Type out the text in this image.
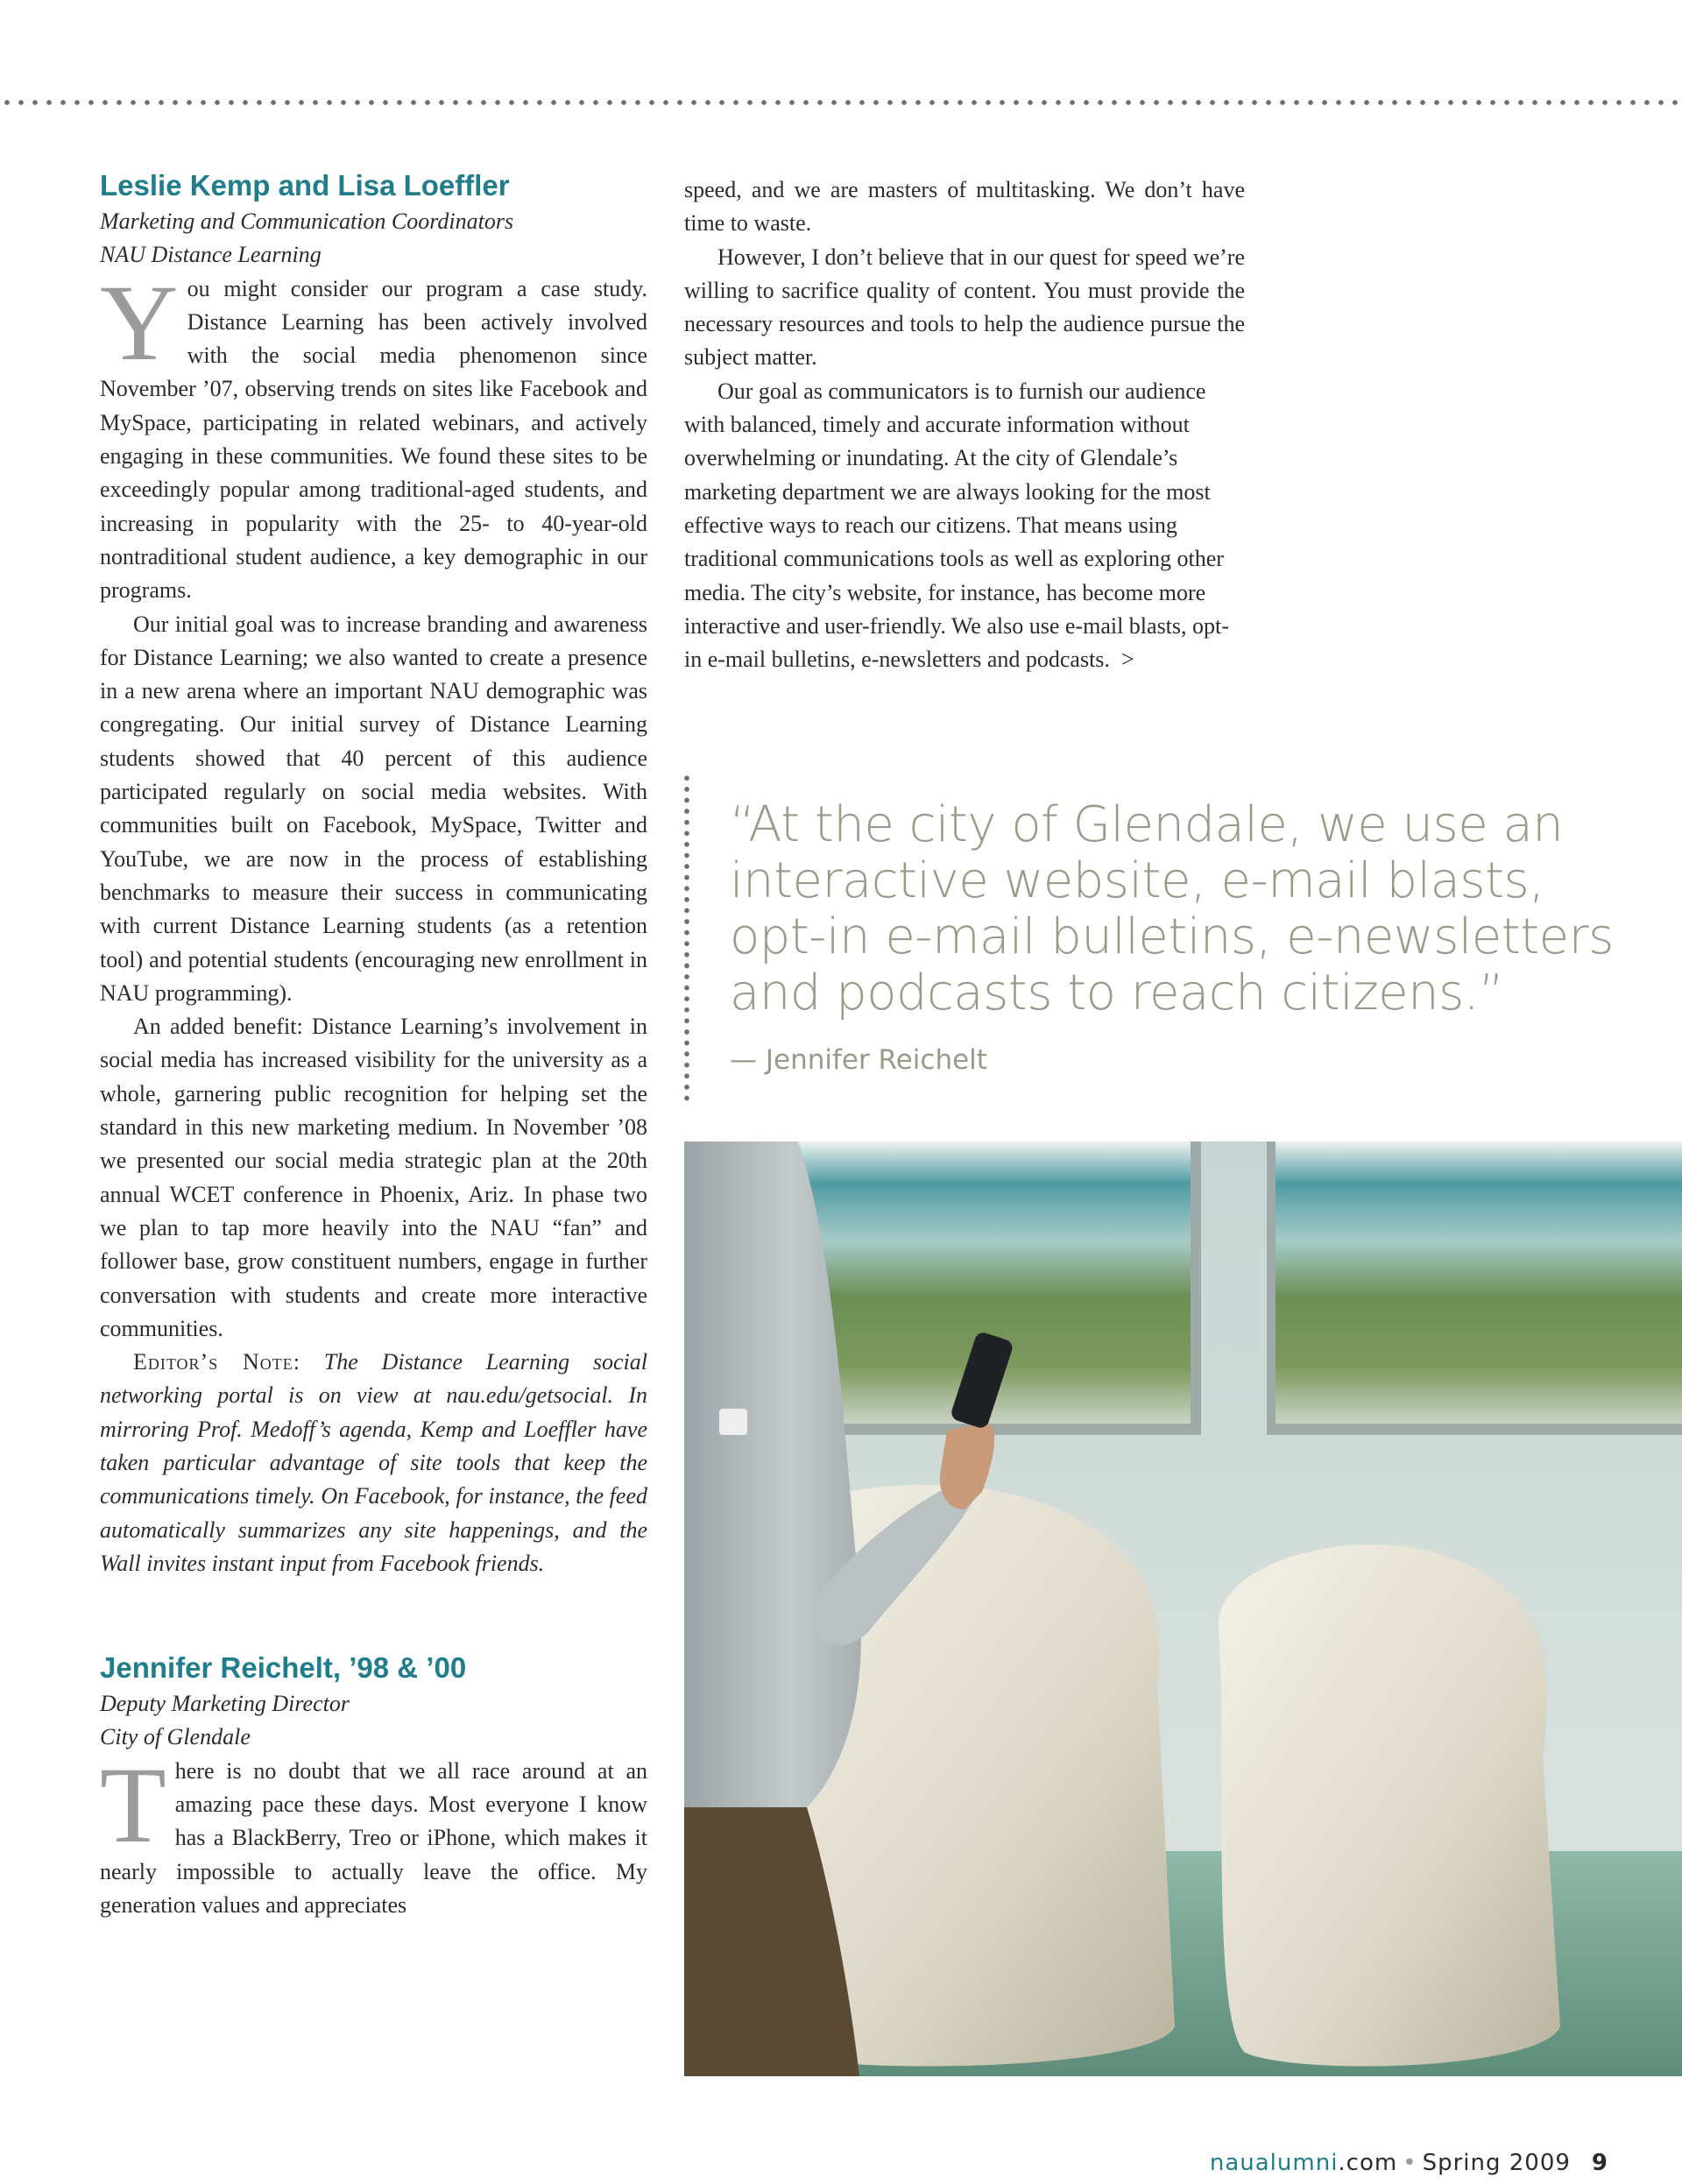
Leslie Kemp and Lisa Loeffler

Marketing and Communication Coordinators

NAU Distance Learning

You might consider our program a case study. Distance Learning has been actively involved with the social media phenomenon since November ’07, observing trends on sites like Facebook and MySpace, participating in related webinars, and actively engaging in these communities. We found these sites to be exceedingly popular among traditional-aged students, and increasing in popularity with the 25- to 40-year-old nontraditional student audience, a key demographic in our programs.

Our initial goal was to increase branding and awareness for Distance Learning; we also wanted to create a presence in a new arena where an important NAU demographic was congregating. Our initial survey of Distance Learning students showed that 40 percent of this audience participated regularly on social media websites. With communities built on Facebook, MySpace, Twitter and YouTube, we are now in the process of establishing benchmarks to measure their success in communicating with current Distance Learning students (as a retention tool) and potential students (encouraging new enrollment in NAU programming).

An added benefit: Distance Learning’s involvement in social media has increased visibility for the university as a whole, garnering public recognition for helping set the standard in this new marketing medium. In November ’08 we presented our social media strategic plan at the 20th annual WCET conference in Phoenix, Ariz. In phase two we plan to tap more heavily into the NAU “fan” and follower base, grow constituent numbers, engage in further conversation with students and create more interactive communities.

Editor’s Note: The Distance Learning social networking portal is on view at nau.edu/getsocial. In mirroring Prof. Medoff’s agenda, Kemp and Loeffler have taken particular advantage of site tools that keep the communications timely. On Facebook, for instance, the feed automatically summarizes any site happenings, and the Wall invites instant input from Facebook friends.

Jennifer Reichelt, ’98 & ’00

Deputy Marketing Director

City of Glendale

There is no doubt that we all race around at an amazing pace these days. Most everyone I know has a BlackBerry, Treo or iPhone, which makes it nearly impossible to actually leave the office. My generation values and appreciates

speed, and we are masters of multitasking. We don’t have time to waste.

However, I don’t believe that in our quest for speed we’re willing to sacrifice quality of content. You must provide the necessary resources and tools to help the audience pursue the subject matter.

Our goal as communicators is to furnish our audience with balanced, timely and accurate information without overwhelming or inundating. At the city of Glendale’s marketing department we are always looking for the most effective ways to reach our citizens. That means using traditional communications tools as well as exploring other media. The city’s website, for instance, has become more interactive and user-friendly. We also use e-mail blasts, opt-in e-mail bulletins, e-newsletters and podcasts. >

“At the city of Glendale, we use an interactive website, e-mail blasts, opt-in e-mail bulletins, e-newsletters and podcasts to reach citizens.”
— Jennifer Reichelt
naualumni.com • Spring 2009 9
